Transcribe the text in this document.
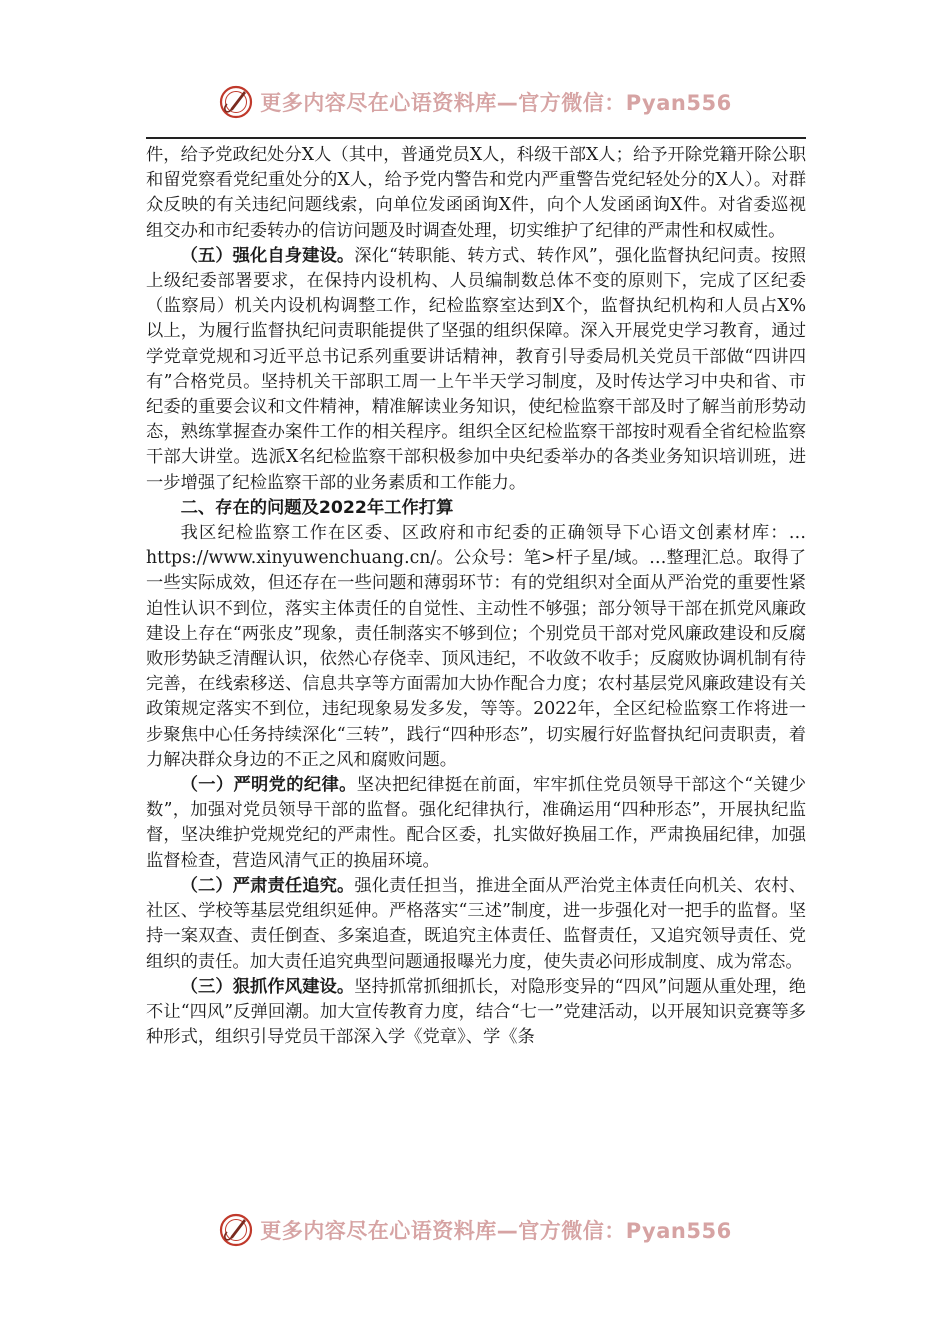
更多内容尽在心语资料库—官方微信：Pyan556

件，给予党政纪处分X人（其中，普通党员X人，科级干部X人；给予开除党籍开除公职和留党察看党纪重处分的X人，给予党内警告和党内严重警告党纪轻处分的X人）。对群众反映的有关违纪问题线索，向单位发函函询X件，向个人发函函询X件。对省委巡视组交办和市纪委转办的信访问题及时调查处理，切实维护了纪律的严肃性和权威性。

（五）强化自身建设。深化“转职能、转方式、转作风”，强化监督执纪问责。按照上级纪委部署要求，在保持内设机构、人员编制数总体不变的原则下，完成了区纪委（监察局）机关内设机构调整工作，纪检监察室达到X个，监督执纪机构和人员占X%以上，为履行监督执纪问责职能提供了坚强的组织保障。深入开展党史学习教育，通过学党章党规和习近平总书记系列重要讲话精神，教育引导委局机关党员干部做“四讲四有”合格党员。坚持机关干部职工周一上午半天学习制度，及时传达学习中央和省、市纪委的重要会议和文件精神，精准解读业务知识，使纪检监察干部及时了解当前形势动态，熟练掌握查办案件工作的相关程序。组织全区纪检监察干部按时观看全省纪检监察干部大讲堂。选派X名纪检监察干部积极参加中央纪委举办的各类业务知识培训班，进一步增强了纪检监察干部的业务素质和工作能力。

二、存在的问题及2022年工作打算

我区纪检监察工作在区委、区政府和市纪委的正确领导下心语文创素材库：…https://www.xinyuwenchuang.cn/。公众号：笔>杆子星/域。…整理汇总。取得了一些实际成效，但还存在一些问题和薄弱环节：有的党组织对全面从严治党的重要性紧迫性认识不到位，落实主体责任的自觉性、主动性不够强；部分领导干部在抓党风廉政建设上存在“两张皮”现象，责任制落实不够到位；个别党员干部对党风廉政建设和反腐败形势缺乏清醒认识，依然心存侥幸、顶风违纪，不收敛不收手；反腐败协调机制有待完善，在线索移送、信息共享等方面需加大协作配合力度；农村基层党风廉政建设有关政策规定落实不到位，违纪现象易发多发，等等。2022年，全区纪检监察工作将进一步聚焦中心任务持续深化“三转”，践行“四种形态”，切实履行好监督执纪问责职责，着力解决群众身边的不正之风和腐败问题。

（一）严明党的纪律。坚决把纪律挺在前面，牢牢抓住党员领导干部这个“关键少数”，加强对党员领导干部的监督。强化纪律执行，准确运用“四种形态”，开展执纪监督，坚决维护党规党纪的严肃性。配合区委，扎实做好换届工作，严肃换届纪律，加强监督检查，营造风清气正的换届环境。

（二）严肃责任追究。强化责任担当，推进全面从严治党主体责任向机关、农村、社区、学校等基层党组织延伸。严格落实“三述”制度，进一步强化对一把手的监督。坚持一案双查、责任倒查、多案追查，既追究主体责任、监督责任，又追究领导责任、党组织的责任。加大责任追究典型问题通报曝光力度，使失责必问形成制度、成为常态。

（三）狠抓作风建设。坚持抓常抓细抓长，对隐形变异的“四风”问题从重处理，绝不让“四风”反弹回潮。加大宣传教育力度，结合“七一”党建活动，以开展知识竞赛等多种形式，组织引导党员干部深入学《党章》、学《条

更多内容尽在心语资料库—官方微信：Pyan556
